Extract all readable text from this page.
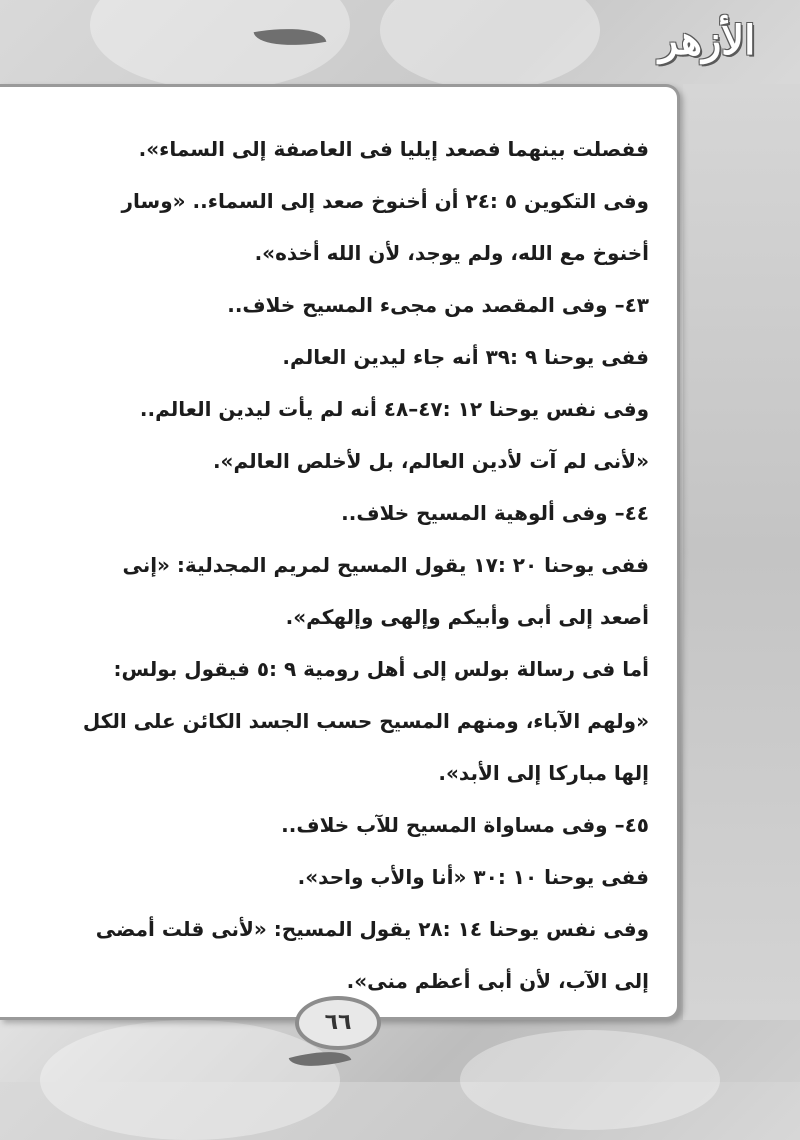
الأزهر
ففصلت بينهما فصعد إيليا فى العاصفة إلى السماء».
وفى التكوين ٥ :٢٤ أن أخنوخ صعد إلى السماء.. «وسار
أخنوخ مع الله، ولم يوجد، لأن الله أخذه».
٤٣– وفى المقصد من مجىء المسيح خلاف..
ففى يوحنا ٩ :٣٩ أنه جاء ليدين العالم.
وفى نفس يوحنا ١٢ :٤٧–٤٨ أنه لم يأت ليدين العالم..
«لأنى لم آت لأدين العالم، بل لأخلص العالم».
٤٤– وفى ألوهية المسيح خلاف..
ففى يوحنا ٢٠ :١٧ يقول المسيح لمريم المجدلية: «إنى
أصعد إلى أبى وأبيكم وإلهى وإلهكم».
أما فى رسالة بولس إلى أهل رومية ٩ :٥ فيقول بولس:
«ولهم الآباء، ومنهم المسيح حسب الجسد الكائن على الكل
إلها مباركا إلى الأبد».
٤٥– وفى مساواة المسيح للآب خلاف..
ففى يوحنا ١٠ :٣٠ «أنا والأب واحد».
وفى نفس يوحنا ١٤ :٢٨ يقول المسيح: «لأنى قلت أمضى
إلى الآب، لأن أبى أعظم منى».
٦٦
